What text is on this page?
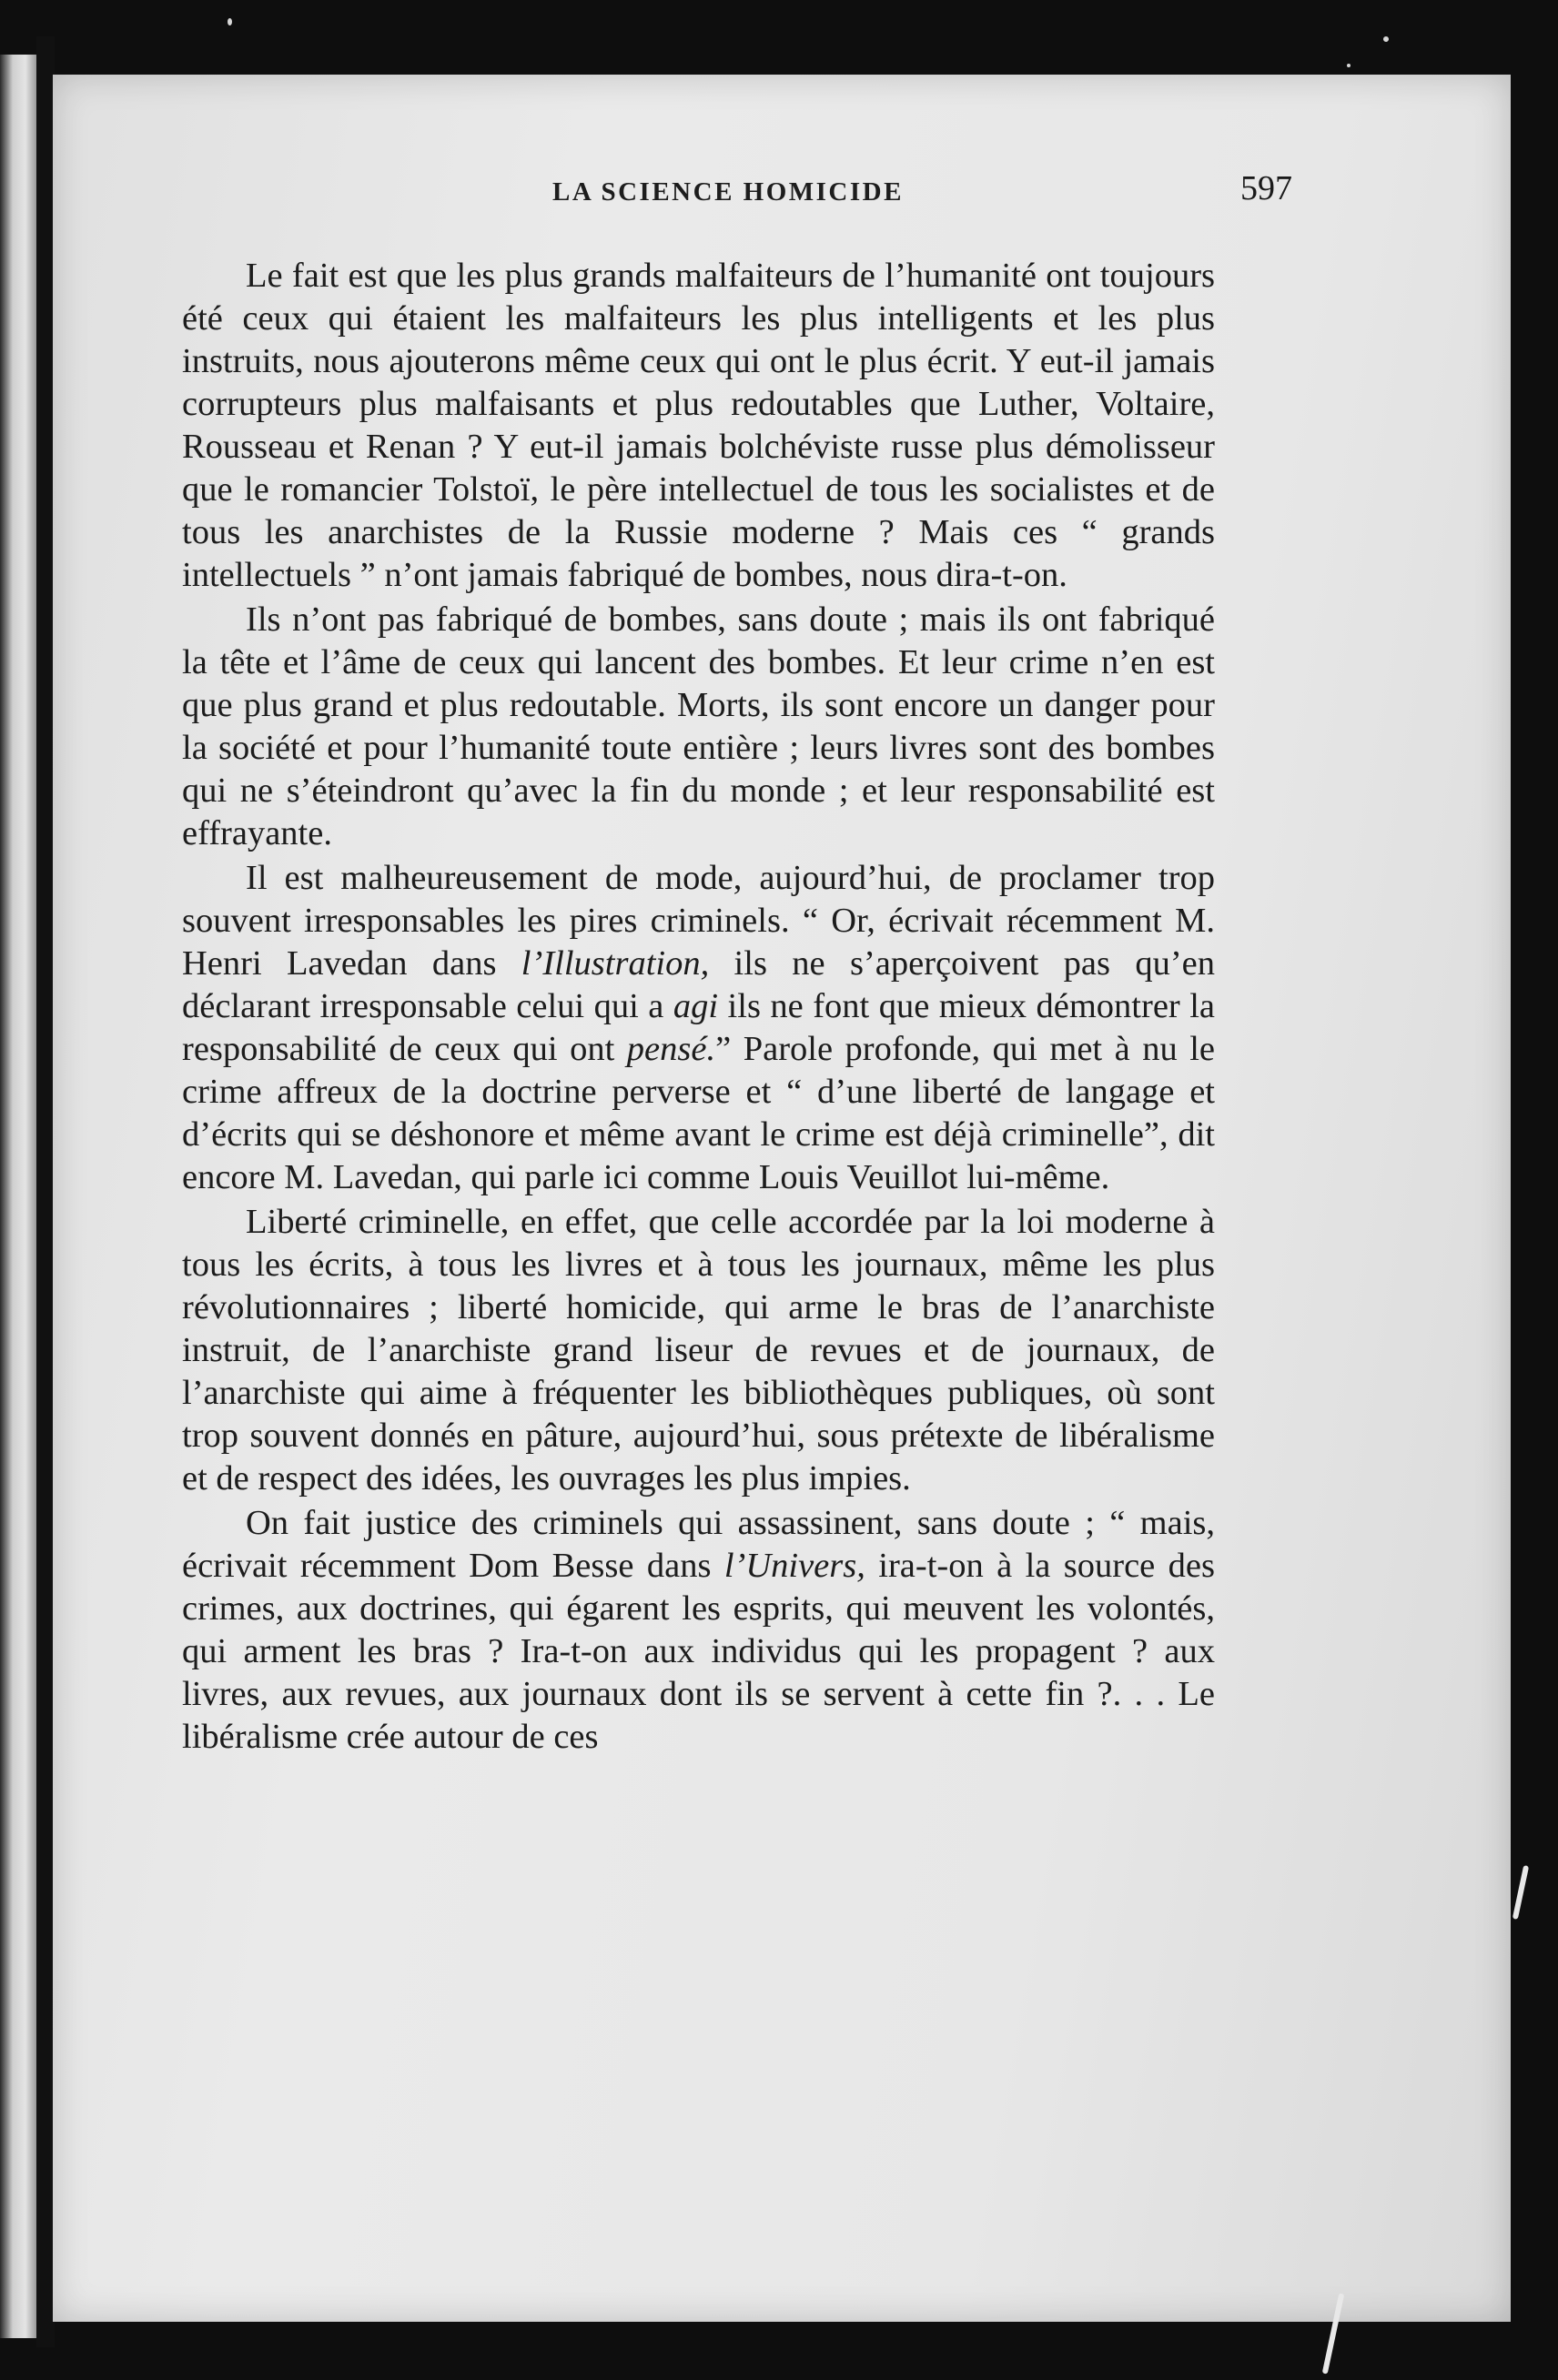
LA SCIENCE HOMICIDE	597

Le fait est que les plus grands malfaiteurs de l’humanité ont toujours été ceux qui étaient les malfaiteurs les plus intelligents et les plus instruits, nous ajouterons même ceux qui ont le plus écrit. Y eut-il jamais corrupteurs plus malfaisants et plus redoutables que Luther, Voltaire, Rousseau et Renan ? Y eut-il jamais bolchéviste russe plus démolisseur que le romancier Tolstoï, le père intellectuel de tous les socialistes et de tous les anarchistes de la Russie moderne ? Mais ces “ grands intellectuels ” n’ont jamais fabriqué de bombes, nous dira-t-on.

Ils n’ont pas fabriqué de bombes, sans doute ; mais ils ont fabriqué la tête et l’âme de ceux qui lancent des bombes. Et leur crime n’en est que plus grand et plus redoutable. Morts, ils sont encore un danger pour la société et pour l’humanité toute entière ; leurs livres sont des bombes qui ne s’éteindront qu’avec la fin du monde ; et leur responsabilité est effrayante.

Il est malheureusement de mode, aujourd’hui, de proclamer trop souvent irresponsables les pires criminels. “ Or, écrivait récemment M. Henri Lavedan dans l’Illustration, ils ne s’aperçoivent pas qu’en déclarant irresponsable celui qui a agi ils ne font que mieux démontrer la responsabilité de ceux qui ont pensé.” Parole profonde, qui met à nu le crime affreux de la doctrine perverse et “ d’une liberté de langage et d’écrits qui se déshonore et même avant le crime est déjà criminelle”, dit encore M. Lavedan, qui parle ici comme Louis Veuillot lui-même.

Liberté criminelle, en effet, que celle accordée par la loi moderne à tous les écrits, à tous les livres et à tous les journaux, même les plus révolutionnaires ; liberté homicide, qui arme le bras de l’anarchiste instruit, de l’anarchiste grand liseur de revues et de journaux, de l’anarchiste qui aime à fréquenter les bibliothèques publiques, où sont trop souvent donnés en pâture, aujourd’hui, sous prétexte de libéralisme et de respect des idées, les ouvrages les plus impies.

On fait justice des criminels qui assassinent, sans doute ; “ mais, écrivait récemment Dom Besse dans l’Univers, ira-t-on à la source des crimes, aux doctrines, qui égarent les esprits, qui meuvent les volontés, qui arment les bras ? Ira-t-on aux individus qui les propagent ? aux livres, aux revues, aux journaux dont ils se servent à cette fin ?. . . Le libéralisme crée autour de ces
